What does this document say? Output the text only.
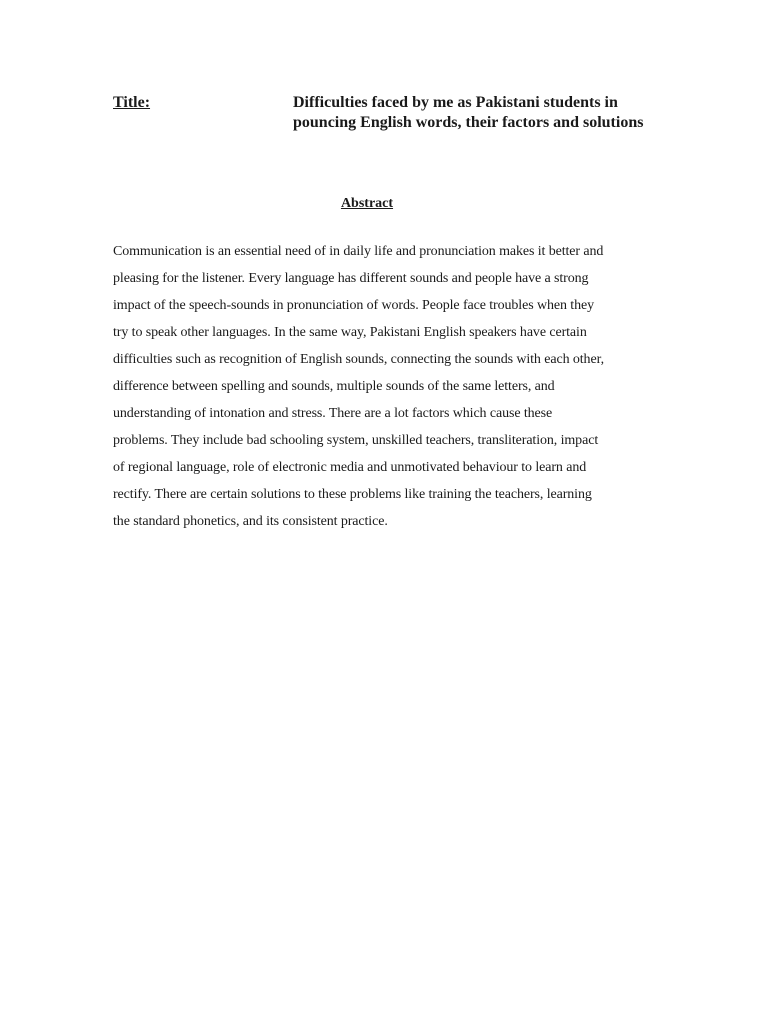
Title:	Difficulties faced by me as Pakistani students in
pouncing English words, their factors and solutions
Abstract
Communication is an essential need of in daily life and pronunciation makes it better and
pleasing for the listener. Every language has different sounds and people have a strong
impact of the speech-sounds in pronunciation of words. People face troubles when they
try to speak other languages. In the same way, Pakistani English speakers have certain
difficulties such as recognition of English sounds, connecting the sounds with each other,
difference between spelling and sounds, multiple sounds of the same letters, and
understanding of intonation and stress. There are a lot factors which cause these
problems. They include bad schooling system, unskilled teachers, transliteration, impact
of regional language, role of electronic media and unmotivated behaviour to learn and
rectify. There are certain solutions to these problems like training the teachers, learning
the standard phonetics, and its consistent practice.
